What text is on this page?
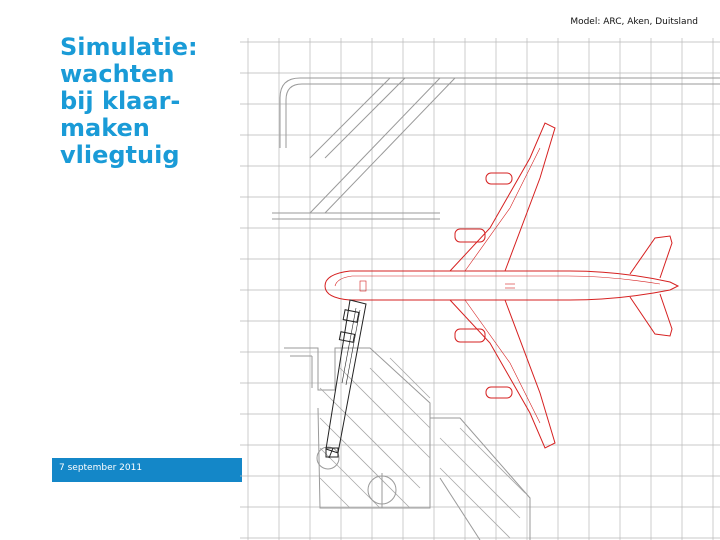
Model: ARC, Aken, Duitsland
Simulatie:
wachten
bij klaar-
maken
vliegtuig
7 september 2011
